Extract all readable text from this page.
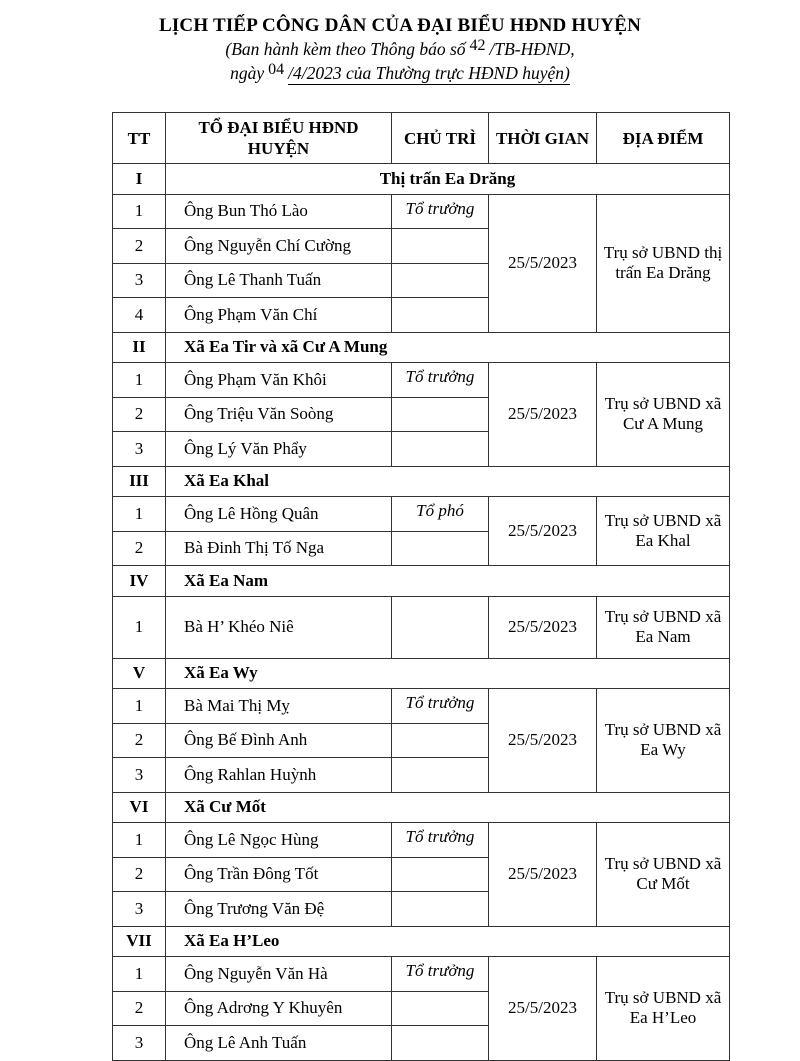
LỊCH TIẾP CÔNG DÂN CỦA ĐẠI BIỂU HĐND HUYỆN
(Ban hành kèm theo Thông báo số 42 /TB-HĐND,
ngày 04 /4/2023 của Thường trực HĐND huyện)
TT	TỔ ĐẠI BIỂU HĐND HUYỆN	CHỦ TRÌ	THỜI GIAN	ĐỊA ĐIỂM
I	Thị trấn Ea Drăng			
1	Ông Bun Thó Lào	Tổ trưởng	25/5/2023	Trụ sở UBND thị trấn Ea Drăng
2	Ông Nguyễn Chí Cường			
3	Ông Lê Thanh Tuấn			
4	Ông Phạm Văn Chí			
II	Xã Ea Tir và xã Cư A Mung			
1	Ông Phạm Văn Khôi	Tổ trưởng	25/5/2023	Trụ sở UBND xã Cư A Mung
2	Ông Triệu Văn Soòng			
3	Ông Lý Văn Phẩy			
III	Xã Ea Khal			
1	Ông Lê Hồng Quân	Tổ phó	25/5/2023	Trụ sở UBND xã Ea Khal
2	Bà Đinh Thị Tố Nga			
IV	Xã Ea Nam			
1	Bà H’ Khéo Niê		25/5/2023	Trụ sở UBND xã Ea Nam
V	Xã Ea Wy			
1	Bà Mai Thị Mỵ	Tổ trưởng	25/5/2023	Trụ sở UBND xã Ea Wy
2	Ông Bế Đình Anh			
3	Ông Rahlan Huỳnh			
VI	Xã Cư Mốt			
1	Ông Lê Ngọc Hùng	Tổ trưởng	25/5/2023	Trụ sở UBND xã Cư Mốt
2	Ông Trần Đông Tốt			
3	Ông Trương Văn Đệ			
VII	Xã Ea H’Leo			
1	Ông Nguyễn Văn Hà	Tổ trưởng	25/5/2023	Trụ sở UBND xã Ea H’Leo
2	Ông Adrơng Y Khuyên			
3	Ông Lê Anh Tuấn			
